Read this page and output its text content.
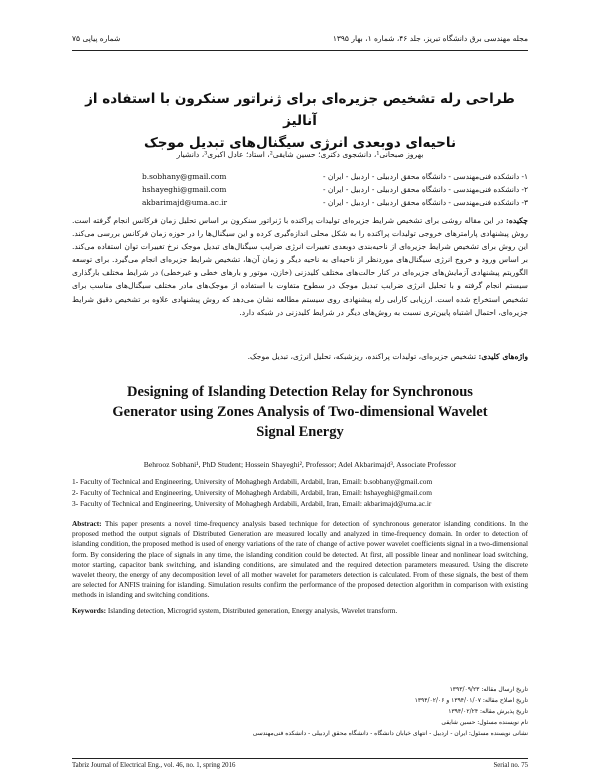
مجله مهندسی برق دانشگاه تبریز، جلد ۴۶، شماره ۱، بهار ۱۳۹۵
شماره پیاپی ۷۵
طراحی رله تشخیص جزیره‌ای برای ژنراتور سنکرون با استفاده از آنالیز
ناحیه‌ای دوبعدی انرژی سیگنال‌های تبدیل موجک
بهروز صبحانی¹، دانشجوی دکتری؛ حسین شایقی²، استاد؛ عادل اکبری³، دانشیار
۱- دانشکده فنی‌مهندسی - دانشگاه محقق اردبیلی - اردبیل - ایران -
b.sobhany@gmail.com
۲- دانشکده فنی‌مهندسی - دانشگاه محقق اردبیلی - اردبیل - ایران -
hshayeghi@gmail.com
۳- دانشکده فنی‌مهندسی - دانشگاه محقق اردبیلی - اردبیل - ایران -
akbarimajd@uma.ac.ir
چکیده: در این مقاله روشی برای تشخیص شرایط جزیره‌ای تولیدات پراکنده با ژنراتور سنکرون بر اساس تحلیل زمان فرکانس انجام گرفته است. روش پیشنهادی پارامترهای خروجی تولیدات پراکنده را به شکل محلی اندازه‌گیری کرده و این سیگنال‌ها را در حوزه زمان فرکانس بررسی می‌کند. این روش برای تشخیص شرایط جزیره‌ای از ناحیه‌بندی دوبعدی تغییرات انرژی ضرایب سیگنال‌های تبدیل موجک نرخ تغییرات توان استفاده می‌کند. بر اساس ورود و خروج انرژی سیگنال‌های موردنظر از ناحیه‌ای به ناحیه دیگر و زمان آن‌ها، تشخیص شرایط جزیره‌ای انجام می‌گیرد. برای توسعه الگوریتم پیشنهادی آزمایش‌های جزیره‌ای در کنار حالت‌های مختلف کلیدزنی (خازن، موتور و بارهای خطی و غیرخطی) در شرایط مختلف بارگذاری سیستم انجام گرفته و با تحلیل انرژی ضرایب تبدیل موجک در سطوح متفاوت با استفاده از موجک‌های مادر مختلف سیگنال‌های مناسب برای تشخیص استخراج شده است. ارزیابی کارایی رله پیشنهادی روی سیستم مطالعه نشان می‌دهد که روش پیشنهادی علاوه بر تشخیص دقیق شرایط جزیره‌ای، احتمال اشتباه پایین‌تری نسبت به روش‌های دیگر در شرایط کلیدزنی در شبکه دارد.
واژه‌های کلیدی: تشخیص جزیره‌ای، تولیدات پراکنده، ریزشبکه، تحلیل انرژی، تبدیل موجک.
Designing of Islanding Detection Relay for Synchronous
Generator using Zones Analysis of Two-dimensional Wavelet
Signal Energy
Behrooz Sobhani¹, PhD Student; Hossein Shayeghi², Professor; Adel Akbarimajd³, Associate Professor
1- Faculty of Technical and Engineering, University of Mohaghegh Ardabili, Ardabil, Iran, Email: b.sobhany@gmail.com
2- Faculty of Technical and Engineering, University of Mohaghegh Ardabili, Ardabil, Iran, Email: hshayeghi@gmail.com
3- Faculty of Technical and Engineering, University of Mohaghegh Ardabili, Ardabil, Iran, Email: akbarimajd@uma.ac.ir
Abstract: This paper presents a novel time-frequency analysis based technique for detection of synchronous generator islanding conditions. In the proposed method the output signals of Distributed Generation are measured locally and analyzed in time-frequency domain. In order to detection of islanding condition, the proposed method is used of energy variations of the rate of change of active power wavelet coefficients signal in a two-dimensional form. By considering the place of signals in any time, the islanding condition could be detected. At first, all possible linear and nonlinear load switching, motor starting, capacitor bank switching, and islanding conditions, are simulated and the required detection parameters measured. Using the discrete wavelet theory, the energy of any decomposition level of all mother wavelet for parameters detection is calculated. From of these signals, the best of them are selected for ANFIS training for islanding. Simulation results confirm the performance of the proposed detection algorithm in comparison with existing methods in islanding and switching conditions.
Keywords: Islanding detection, Microgrid system, Distributed generation, Energy analysis, Wavelet transform.
تاریخ ارسال مقاله: ۱۳۹۳/۰۹/۲۳
تاریخ اصلاح مقاله: ۱۳۹۴/۰۱/۰۷ و ۱۳۹۴/۰۲/۰۶
تاریخ پذیرش مقاله: ۱۳۹۴/۰۲/۲۴
نام نویسنده مسئول: حسین شایقی
نشانی نویسنده مسئول: ایران - اردبیل - انتهای خیابان دانشگاه - دانشگاه محقق اردبیلی - دانشکده فنی‌مهندسی
Tabriz Journal of Electrical Eng., vol. 46, no. 1, spring 2016	Serial no. 75
